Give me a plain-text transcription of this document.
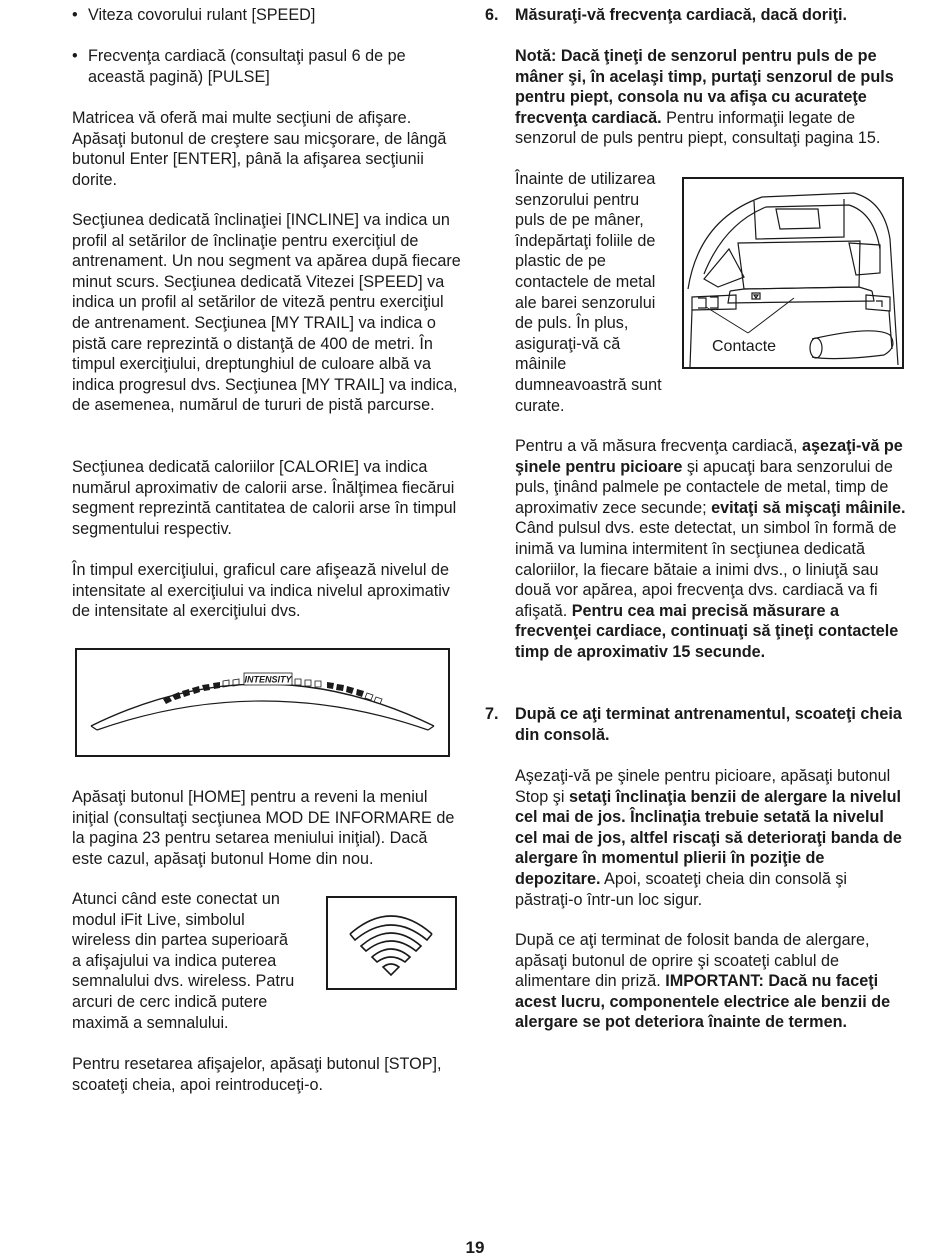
• Viteza covorului rulant [SPEED]
• Frecvenţa cardiacă (consultaţi pasul 6 de pe această pagină) [PULSE]

Matricea vă oferă mai multe secţiuni de afişare. Apăsaţi butonul de creştere sau micşorare, de lângă butonul Enter [ENTER], până la afişarea secţiunii dorite.

Secţiunea dedicată înclinaţiei [INCLINE] va indica un profil al setărilor de înclinaţie pentru exerciţiul de antrenament. Un nou segment va apărea după fiecare minut scurs. Secţiunea dedicată Vitezei [SPEED] va indica un profil al setărilor de viteză pentru exerciţiul de antrenament. Secţiunea [MY TRAIL] va indica o pistă care reprezintă o distanţă de 400 de metri. În timpul exerciţiului, dreptunghiul de culoare albă va indica progresul dvs. Secţiunea [MY TRAIL] va indica, de asemenea, numărul de tururi de pistă parcurse.

Secţiunea dedicată caloriilor [CALORIE] va indica numărul aproximativ de calorii arse. Înălţimea fiecărui segment reprezintă cantitatea de calorii arse în timpul segmentului respectiv.

În timpul exerciţiului, graficul care afişează nivelul de intensitate al exerciţiului va indica nivelul aproximativ de intensitate al exerciţiului dvs.

INTENSITY

Apăsaţi butonul [HOME] pentru a reveni la meniul iniţial (consultaţi secţiunea MOD DE INFORMARE de la pagina 23 pentru setarea meniului iniţial). Dacă este cazul, apăsaţi butonul Home din nou.

Atunci când este conectat un modul iFit Live, simbolul wireless din partea superioară a afişajului va indica puterea semnalului dvs. wireless. Patru arcuri de cerc indică putere maximă a semnalului.

Pentru resetarea afişajelor, apăsaţi butonul [STOP], scoateţi cheia, apoi reintroduceţi-o.

6. Măsuraţi-vă frecvenţa cardiacă, dacă doriţi.

Notă: Dacă ţineţi de senzorul pentru puls de pe mâner şi, în acelaşi timp, purtaţi senzorul de puls pentru piept, consola nu va afişa cu acurateţe frecvenţa cardiacă. Pentru informaţii legate de senzorul de puls pentru piept, consultaţi pagina 15.

Înainte de utilizarea senzorului pentru puls de pe mâner, îndepărtaţi foliile de plastic de pe contactele de metal ale barei senzorului de puls. În plus, asiguraţi-vă că mâinile dumneavoastră sunt curate.

Contacte

Pentru a vă măsura frecvenţa cardiacă, aşezaţi-vă pe şinele pentru picioare şi apucaţi bara senzorului de puls, ţinând palmele pe contactele de metal, timp de aproximativ zece secunde; evitaţi să mişcaţi mâinile. Când pulsul dvs. este detectat, un simbol în formă de inimă va lumina intermitent în secţiunea dedicată caloriilor, la fiecare bătaie a inimi dvs., o liniuţă sau două vor apărea, apoi frecvenţa dvs. cardiacă va fi afişată. Pentru cea mai precisă măsurare a frecvenţei cardiace, continuaţi să ţineţi contactele timp de aproximativ 15 secunde.

7. După ce aţi terminat antrenamentul, scoateţi cheia din consolă.

Aşezaţi-vă pe şinele pentru picioare, apăsaţi butonul Stop şi setaţi înclinaţia benzii de alergare la nivelul cel mai de jos. Înclinaţia trebuie setată la nivelul cel mai de jos, altfel riscaţi să deterioraţi banda de alergare în momentul plierii în poziţie de depozitare. Apoi, scoateţi cheia din consolă şi păstraţi-o într-un loc sigur.

După ce aţi terminat de folosit banda de alergare, apăsaţi butonul de oprire şi scoateţi cablul de alimentare din priză. IMPORTANT: Dacă nu faceţi acest lucru, componentele electrice ale benzii de alergare se pot deteriora înainte de termen.

19
